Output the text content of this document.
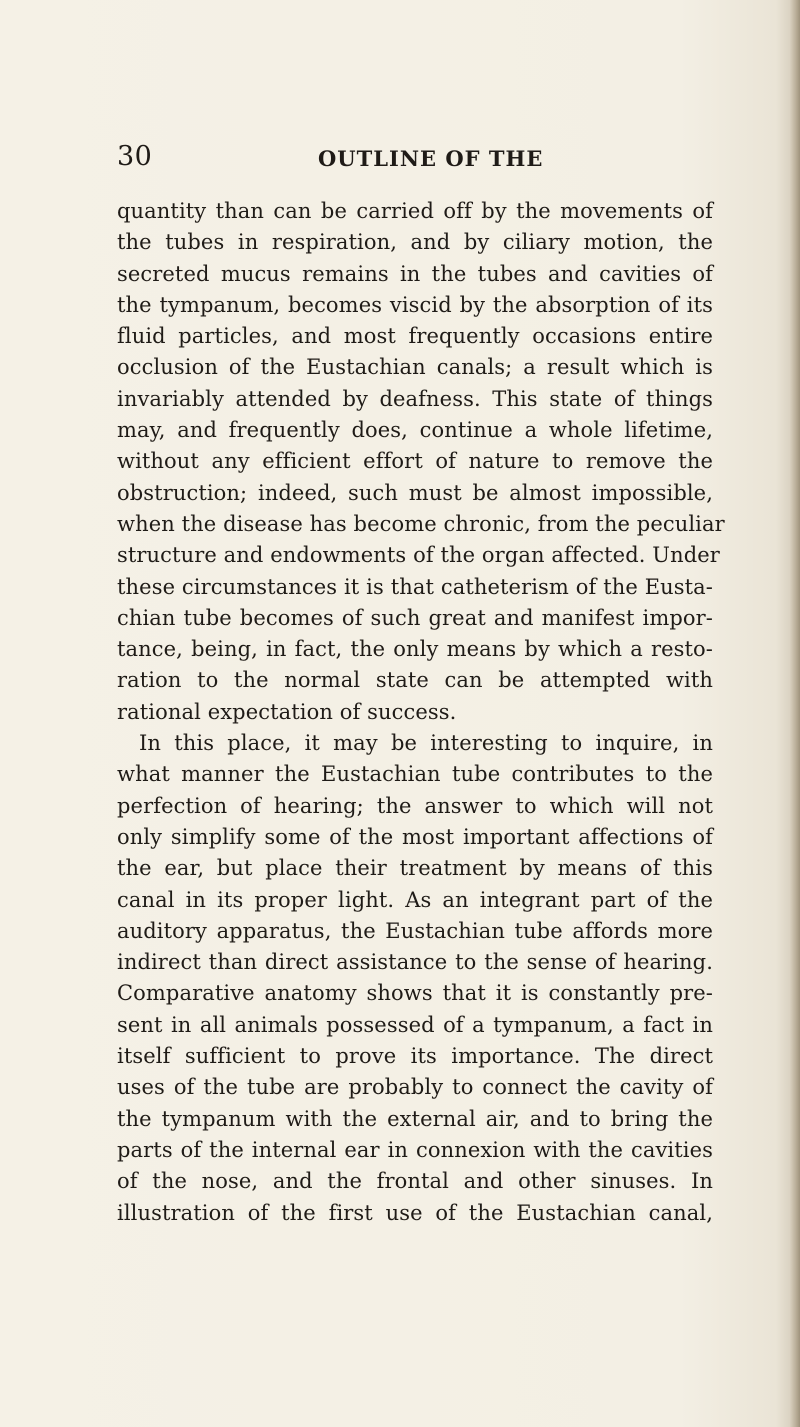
30	OUTLINE OF THE
quantity than can be carried off by the movements of
the tubes in respiration, and by ciliary motion, the
secreted mucus remains in the tubes and cavities of
the tympanum, becomes viscid by the absorption of its
fluid particles, and most frequently occasions entire
occlusion of the Eustachian canals; a result which is
invariably attended by deafness. This state of things
may, and frequently does, continue a whole lifetime,
without any efficient effort of nature to remove the
obstruction; indeed, such must be almost impossible,
when the disease has become chronic, from the peculiar
structure and endowments of the organ affected. Under
these circumstances it is that catheterism of the Eusta-
chian tube becomes of such great and manifest impor-
tance, being, in fact, the only means by which a resto-
ration to the normal state can be attempted with
rational expectation of success.
In this place, it may be interesting to inquire, in
what manner the Eustachian tube contributes to the
perfection of hearing; the answer to which will not
only simplify some of the most important affections of
the ear, but place their treatment by means of this
canal in its proper light. As an integrant part of the
auditory apparatus, the Eustachian tube affords more
indirect than direct assistance to the sense of hearing.
Comparative anatomy shows that it is constantly pre-
sent in all animals possessed of a tympanum, a fact in
itself sufficient to prove its importance. The direct
uses of the tube are probably to connect the cavity of
the tympanum with the external air, and to bring the
parts of the internal ear in connexion with the cavities
of the nose, and the frontal and other sinuses. In
illustration of the first use of the Eustachian canal,
